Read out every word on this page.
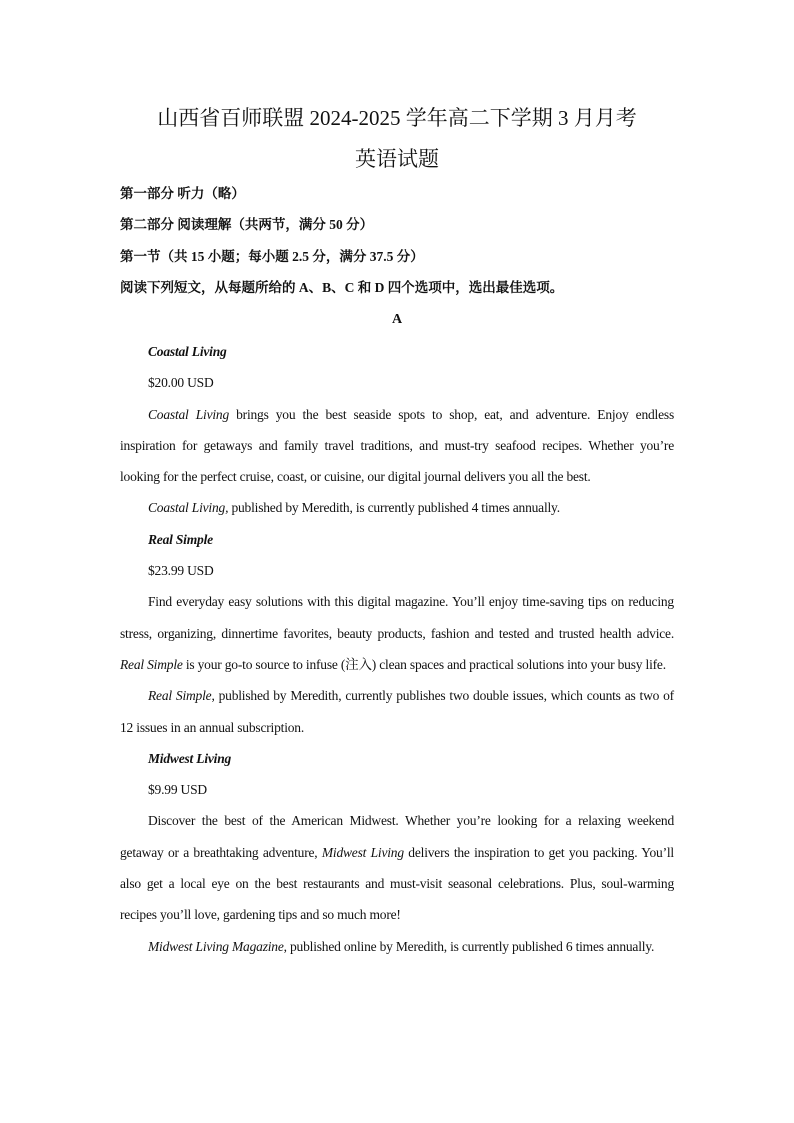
山西省百师联盟 2024-2025 学年高二下学期 3 月月考
英语试题
第一部分 听力（略）
第二部分 阅读理解（共两节，满分 50 分）
第一节（共 15 小题；每小题 2.5 分，满分 37.5 分）
阅读下列短文，从每题所给的 A、B、C 和 D 四个选项中，选出最佳选项。
A

Coastal Living

$20.00 USD

Coastal Living brings you the best seaside spots to shop, eat, and adventure. Enjoy endless inspiration for getaways and family travel traditions, and must-try seafood recipes. Whether you’re looking for the perfect cruise, coast, or cuisine, our digital journal delivers you all the best.

Coastal Living, published by Meredith, is currently published 4 times annually.

Real Simple

$23.99 USD

Find everyday easy solutions with this digital magazine. You’ll enjoy time-saving tips on reducing stress, organizing, dinnertime favorites, beauty products, fashion and tested and trusted health advice. Real Simple is your go-to source to infuse (注入) clean spaces and practical solutions into your busy life.

Real Simple, published by Meredith, currently publishes two double issues, which counts as two of 12 issues in an annual subscription.

Midwest Living

$9.99 USD

Discover the best of the American Midwest. Whether you’re looking for a relaxing weekend getaway or a breathtaking adventure, Midwest Living delivers the inspiration to get you packing. You’ll also get a local eye on the best restaurants and must-visit seasonal celebrations. Plus, soul-warming recipes you’ll love, gardening tips and so much more!

Midwest Living Magazine, published online by Meredith, is currently published 6 times annually.
